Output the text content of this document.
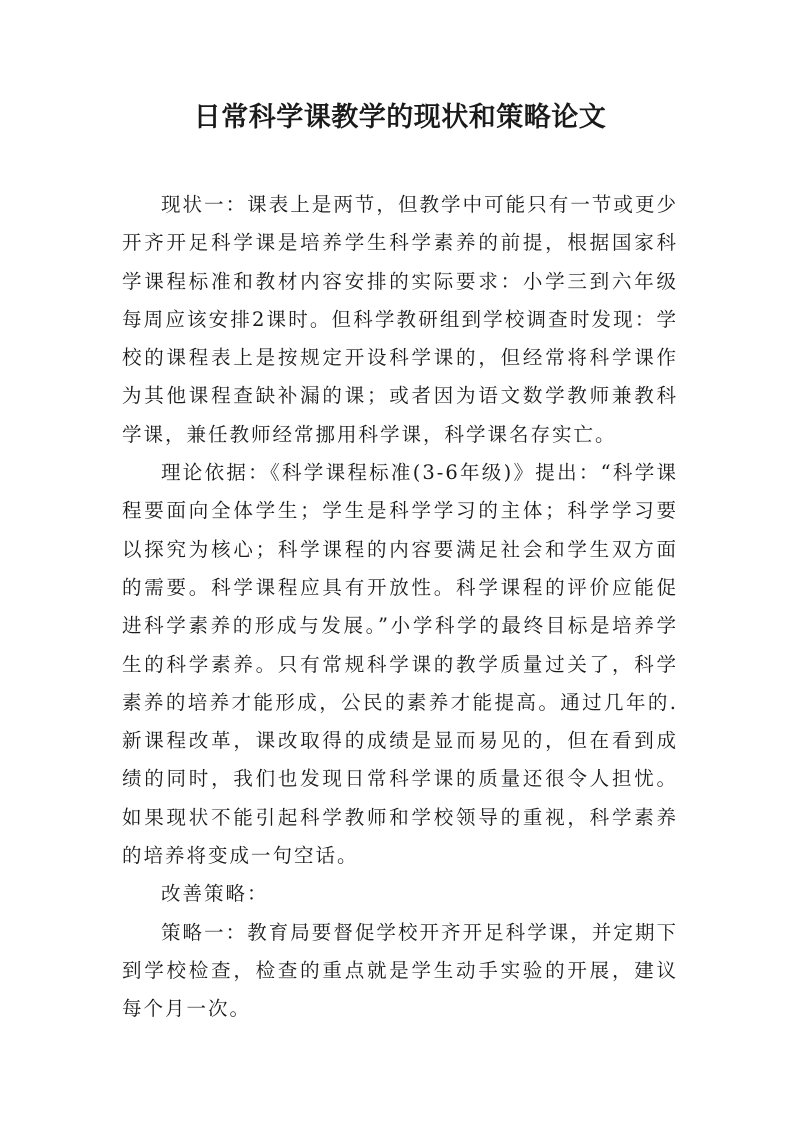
日常科学课教学的现状和策略论文

现状一：课表上是两节，但教学中可能只有一节或更少开齐开足科学课是培养学生科学素养的前提，根据国家科学课程标准和教材内容安排的实际要求：小学三到六年级每周应该安排2课时。但科学教研组到学校调查时发现：学校的课程表上是按规定开设科学课的，但经常将科学课作为其他课程查缺补漏的课；或者因为语文数学教师兼教科学课，兼任教师经常挪用科学课，科学课名存实亡。

理论依据：《科学课程标准(3-6年级)》提出：“科学课程要面向全体学生；学生是科学学习的主体；科学学习要以探究为核心；科学课程的内容要满足社会和学生双方面的需要。科学课程应具有开放性。科学课程的评价应能促进科学素养的形成与发展。”小学科学的最终目标是培养学生的科学素养。只有常规科学课的教学质量过关了，科学素养的培养才能形成，公民的素养才能提高。通过几年的.新课程改革，课改取得的成绩是显而易见的，但在看到成绩的同时，我们也发现日常科学课的质量还很令人担忧。如果现状不能引起科学教师和学校领导的重视，科学素养的培养将变成一句空话。

改善策略：

策略一：教育局要督促学校开齐开足科学课，并定期下到学校检查，检查的重点就是学生动手实验的开展，建议每个月一次。
